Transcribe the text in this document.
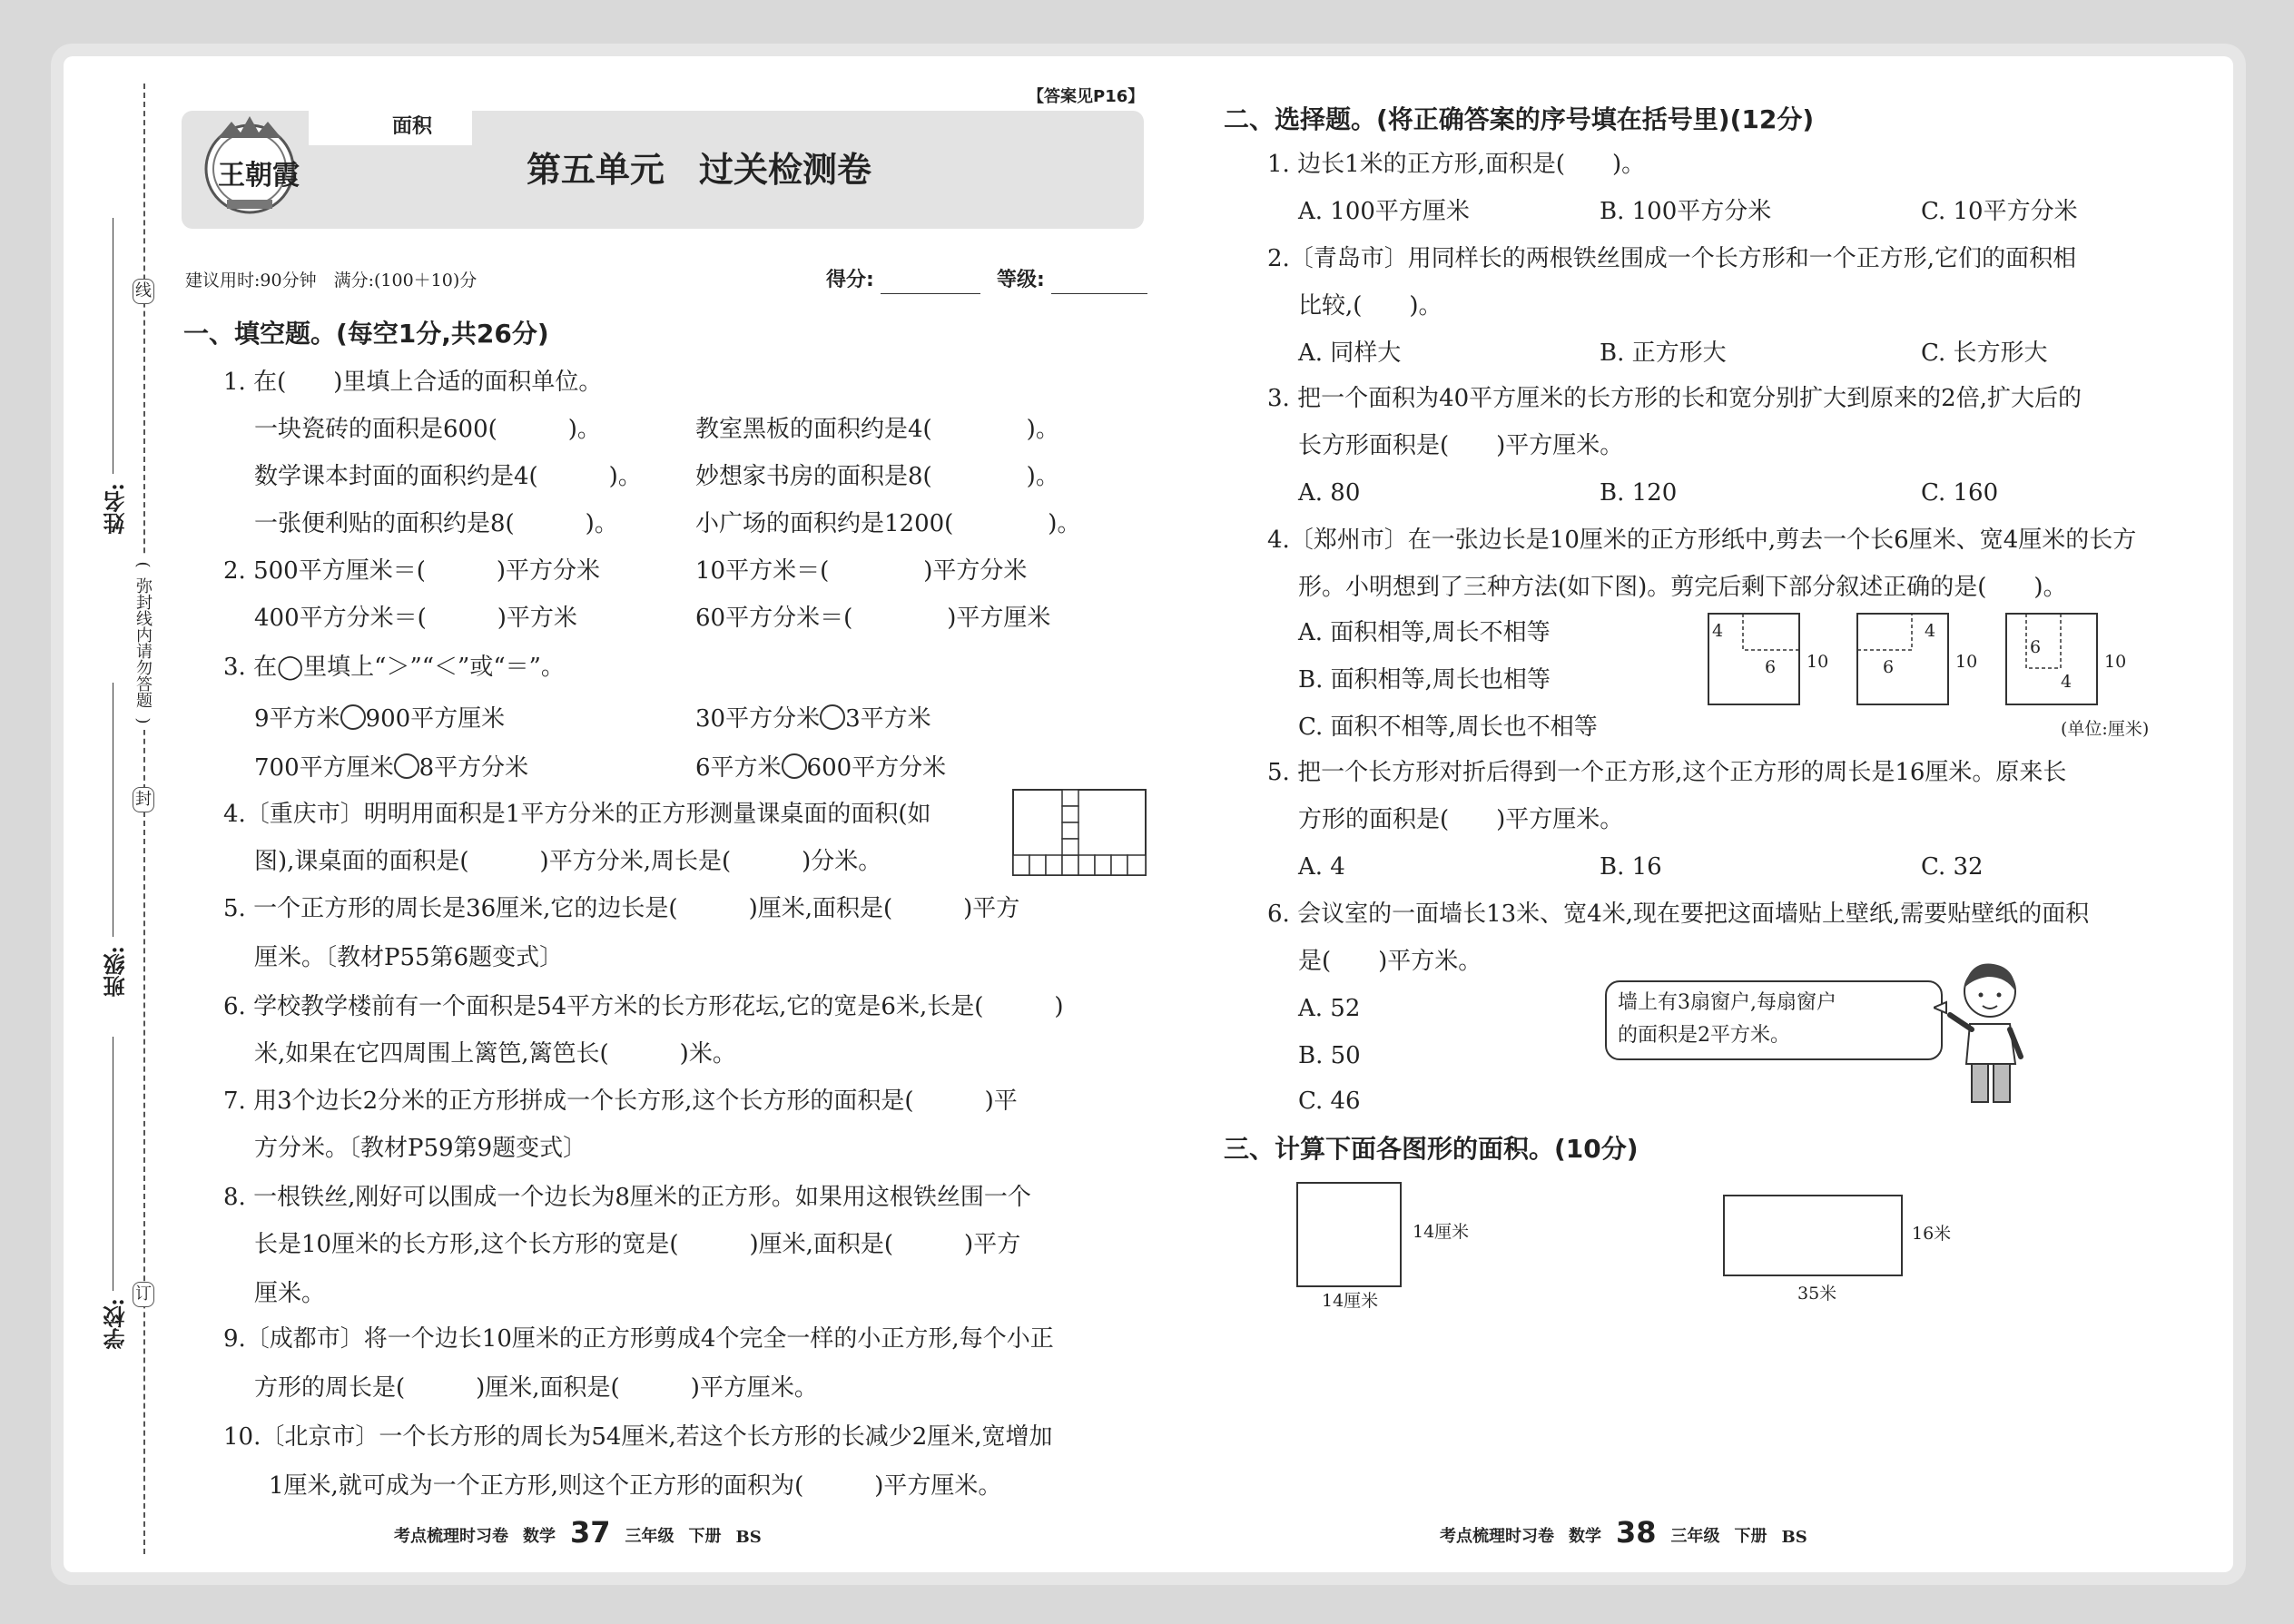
学校:
班级:
姓名:
线
封
订
(
弥封线内请勿答题
)
面积
王朝霞	第五单元　过关检测卷
【答案见P16】
建议用时:90分钟　满分:(100＋10)分	得分:	等级:
一、填空题。(每空1分,共26分)
1. 在(　　)里填上合适的面积单位。
一块瓷砖的面积是600(　　　)。	教室黑板的面积约是4(　　　　)。
数学课本封面的面积约是4(　　　)。 妙想家书房的面积是8(　　　　)。
一张便利贴的面积约是8(　　　)。	小广场的面积约是1200(　　　　)。
2. 500平方厘米＝(　　　)平方分米	10平方米＝(　　　　)平方分米
400平方分米＝(　　　)平方米	60平方分米＝(　　　　)平方厘米
3. 在◯里填上“＞”“＜”或“＝”。
9平方米 900平方厘米	30平方分米 3平方米
700平方厘米 8平方分米	6平方米 600平方分米
4.〔重庆市〕明明用面积是1平方分米的正方形测量课桌面的面积(如
图),课桌面的面积是(　　　)平方分米,周长是(　　　)分米。
5. 一个正方形的周长是36厘米,它的边长是(　　　)厘米,面积是(　　　)平方
厘米。〔教材P55第6题变式〕
6. 学校教学楼前有一个面积是54平方米的长方形花坛,它的宽是6米,长是(　　　)
米,如果在它四周围上篱笆,篱笆长(　　　)米。
7. 用3个边长2分米的正方形拼成一个长方形,这个长方形的面积是(　　　)平
方分米。〔教材P59第9题变式〕
8. 一根铁丝,刚好可以围成一个边长为8厘米的正方形。如果用这根铁丝围一个
长是10厘米的长方形,这个长方形的宽是(　　　)厘米,面积是(　　　)平方
厘米。
9.〔成都市〕将一个边长10厘米的正方形剪成4个完全一样的小正方形,每个小正
方形的周长是(　　　)厘米,面积是(　　　)平方厘米。
10.〔北京市〕一个长方形的周长为54厘米,若这个长方形的长减少2厘米,宽增加
1厘米,就可成为一个正方形,则这个正方形的面积为(　　　)平方厘米。
二、选择题。(将正确答案的序号填在括号里)(12分)
1. 边长1米的正方形,面积是(　　)。
A. 100平方厘米	B. 100平方分米	C. 10平方分米
2.〔青岛市〕用同样长的两根铁丝围成一个长方形和一个正方形,它们的面积相
比较,(　　)。
A. 同样大	B. 正方形大	C. 长方形大
3. 把一个面积为40平方厘米的长方形的长和宽分别扩大到原来的2倍,扩大后的
长方形面积是(　　)平方厘米。
A. 80	B. 120	C. 160
4.〔郑州市〕在一张边长是10厘米的正方形纸中,剪去一个长6厘米、宽4厘米的长方
形。小明想到了三种方法(如下图)。剪完后剩下部分叙述正确的是(　　)。
A. 面积相等,周长不相等
B. 面积相等,周长也相等
C. 面积不相等,周长也不相等
4
6 10
4
6	10
6
4
10
(单位:厘米)
5. 把一个长方形对折后得到一个正方形,这个正方形的周长是16厘米。原来长
方形的面积是(　　)平方厘米。
A. 4	B. 16	C. 32
6. 会议室的一面墙长13米、宽4米,现在要把这面墙贴上壁纸,需要贴壁纸的面积
是(　　)平方米。
A. 52
B. 50
C. 46
墙上有3扇窗户,每扇窗户
的面积是2平方米。
三、计算下面各图形的面积。(10分)
14厘米
14厘米
16米
35米
考点梳理时习卷 数学 37 三年级 下册 BS	考点梳理时习卷 数学 38 三年级 下册 BS
